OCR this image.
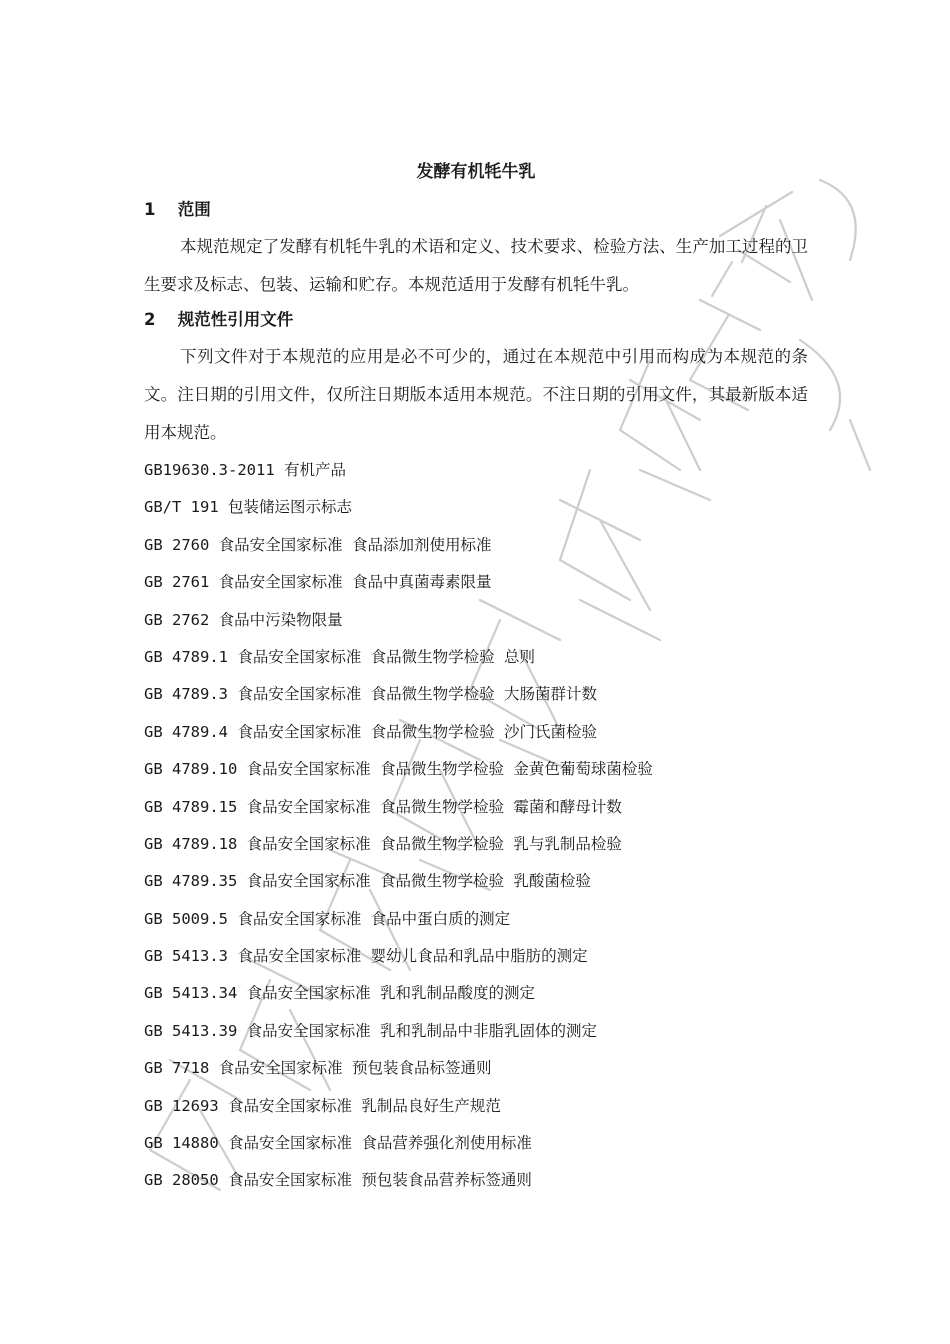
发酵有机牦牛乳
1 范围

本规范规定了发酵有机牦牛乳的术语和定义、技术要求、检验方法、生产加工过程的卫生要求及标志、包装、运输和贮存。本规范适用于发酵有机牦牛乳。

2 规范性引用文件

下列文件对于本规范的应用是必不可少的，通过在本规范中引用而构成为本规范的条文。注日期的引用文件，仅所注日期版本适用本规范。不注日期的引用文件，其最新版本适用本规范。

GB19630.3-2011 有机产品
GB/T 191 包装储运图示标志
GB 2760 食品安全国家标准 食品添加剂使用标准
GB 2761 食品安全国家标准 食品中真菌毒素限量
GB 2762 食品中污染物限量
GB 4789.1 食品安全国家标准 食品微生物学检验 总则
GB 4789.3 食品安全国家标准 食品微生物学检验 大肠菌群计数
GB 4789.4 食品安全国家标准 食品微生物学检验 沙门氏菌检验
GB 4789.10 食品安全国家标准 食品微生物学检验 金黄色葡萄球菌检验
GB 4789.15 食品安全国家标准 食品微生物学检验 霉菌和酵母计数
GB 4789.18 食品安全国家标准 食品微生物学检验 乳与乳制品检验
GB 4789.35 食品安全国家标准 食品微生物学检验 乳酸菌检验
GB 5009.5 食品安全国家标准 食品中蛋白质的测定
GB 5413.3 食品安全国家标准 婴幼儿食品和乳品中脂肪的测定
GB 5413.34 食品安全国家标准 乳和乳制品酸度的测定
GB 5413.39 食品安全国家标准 乳和乳制品中非脂乳固体的测定
GB 7718 食品安全国家标准 预包装食品标签通则
GB 12693 食品安全国家标准 乳制品良好生产规范
GB 14880 食品安全国家标准 食品营养强化剂使用标准
GB 28050 食品安全国家标准 预包装食品营养标签通则
